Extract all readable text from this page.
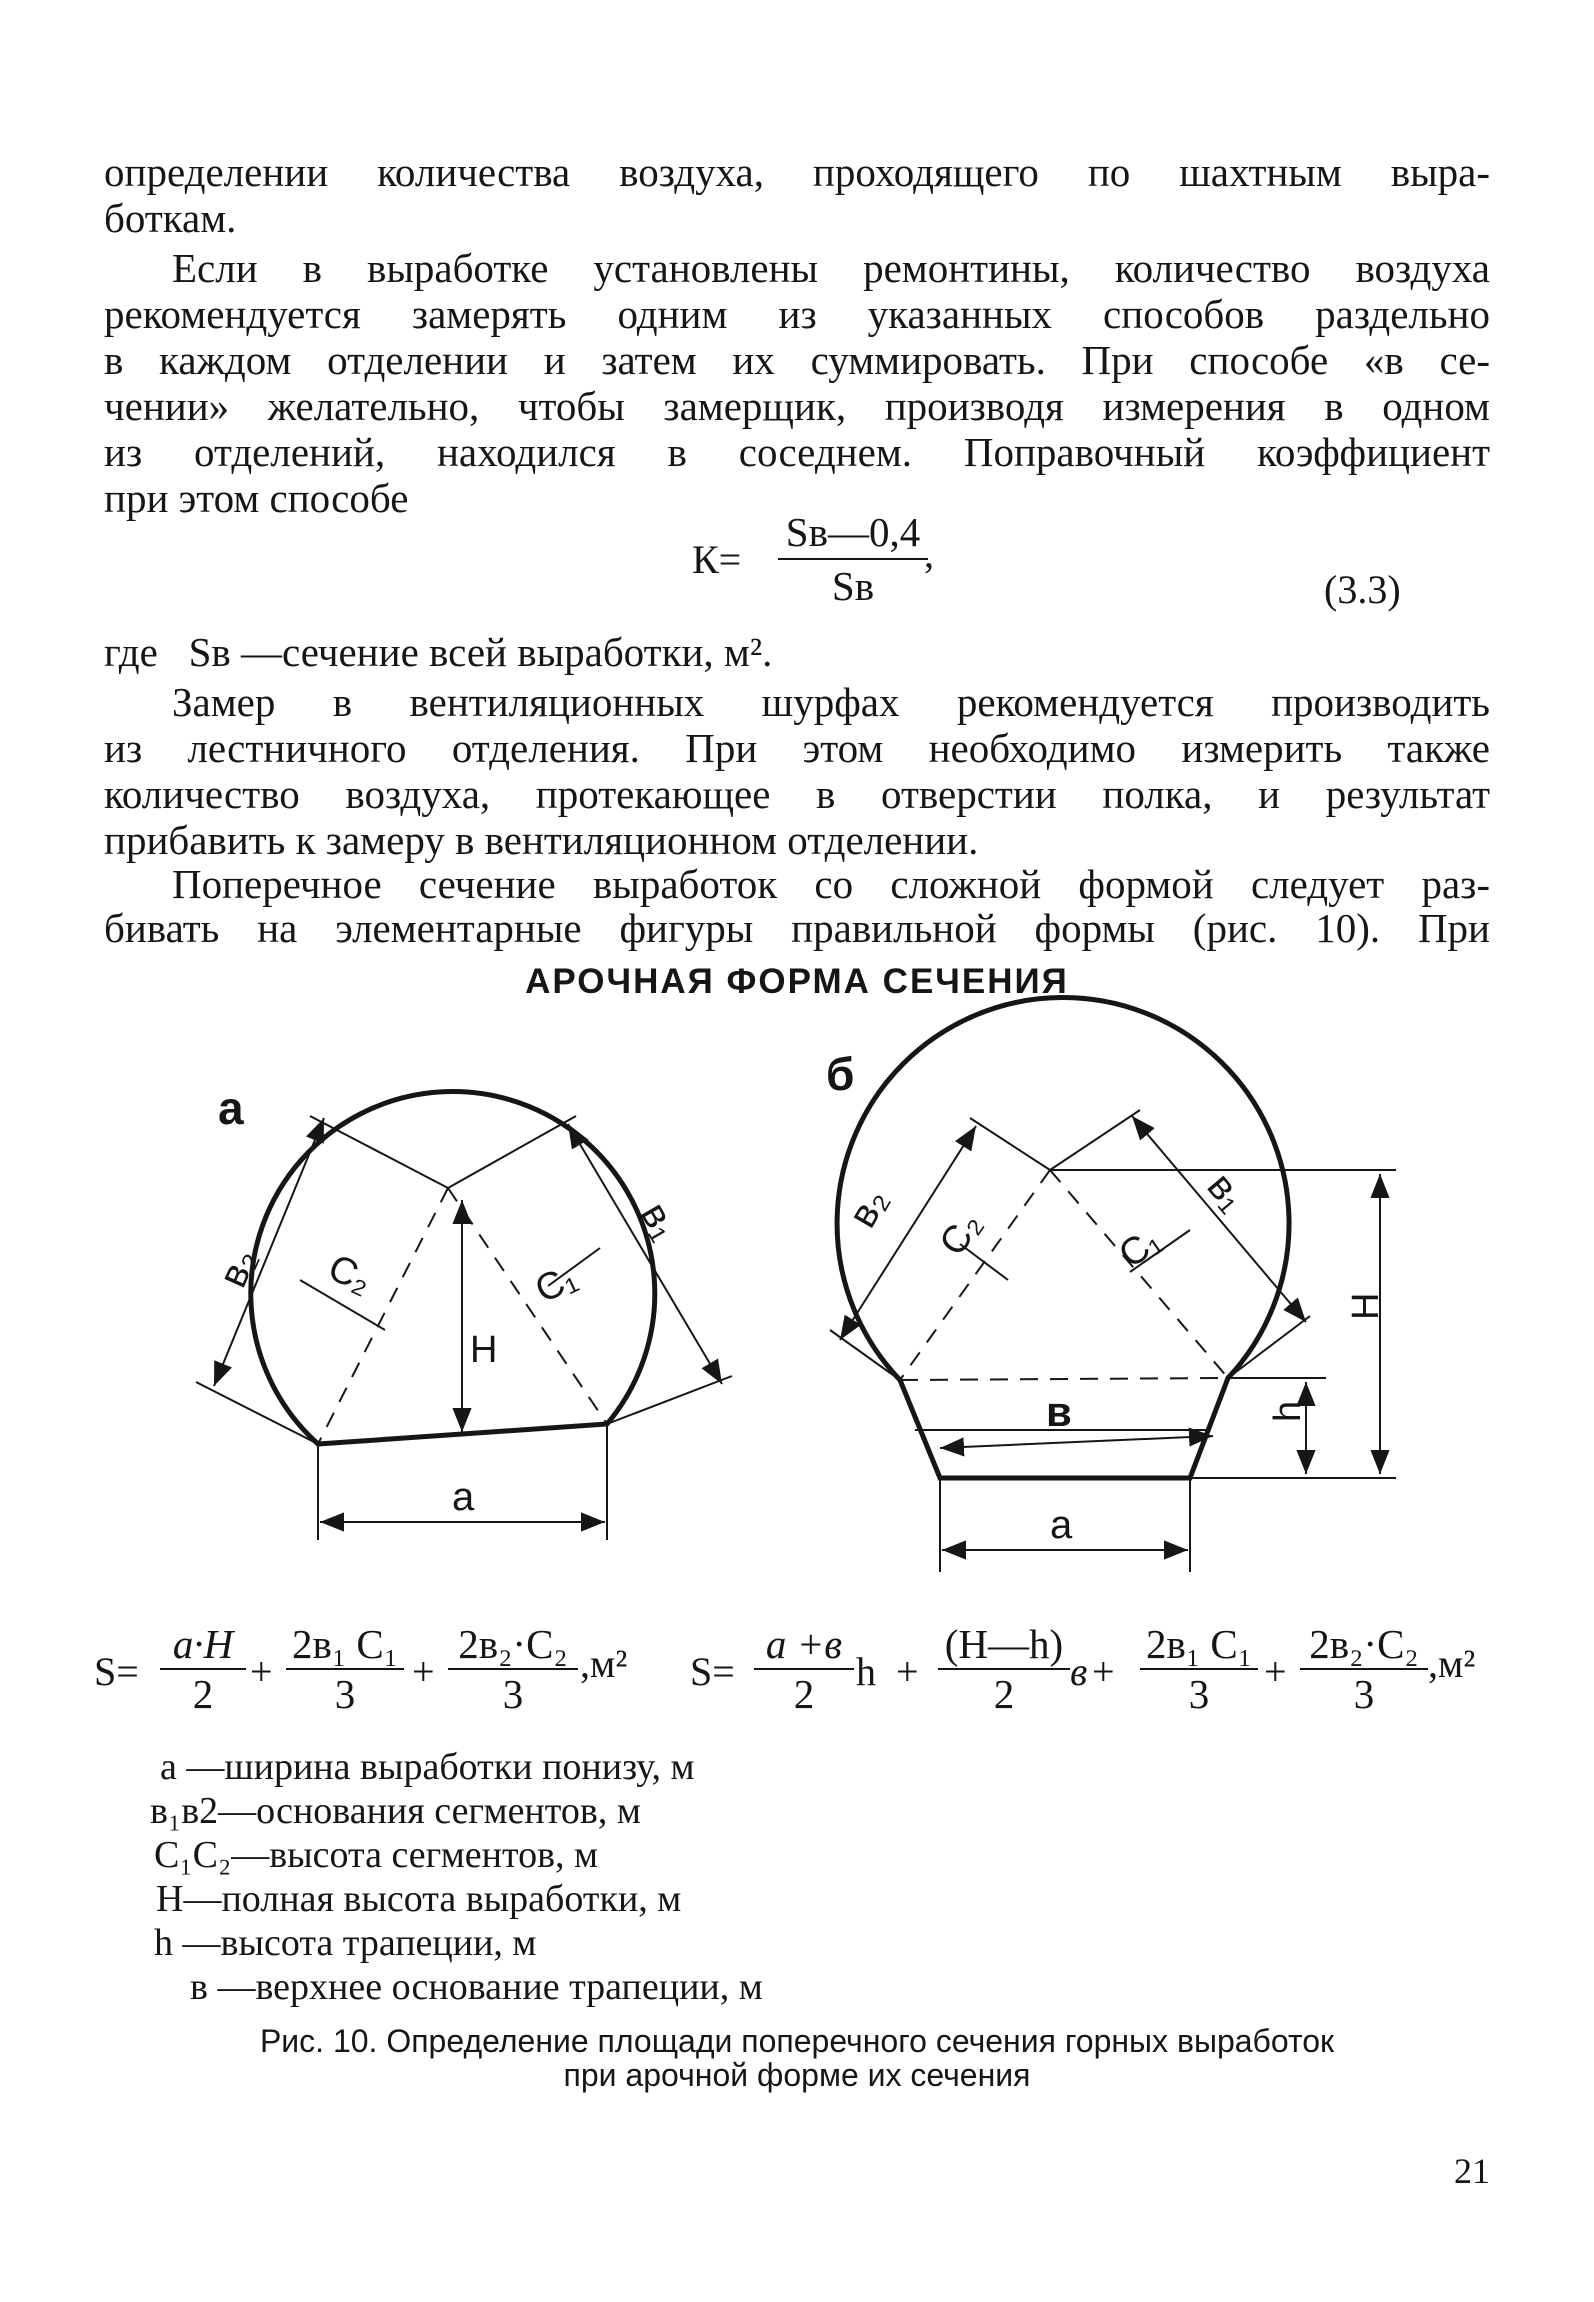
определении количества воздуха, проходящего по шахтным выра-

боткам.

Если в выработке установлены ремонтины, количество воздуха

рекомендуется замерять одним из указанных способов раздельно

в каждом отделении и затем их суммировать. При способе «в се-

чении» желательно, чтобы замерщик, производя измерения в одном

из отделений, находился в соседнем. Поправочный коэффициент

при этом способе

К=
Sв—0,4
Sв
,
(3.3)

где   Sв —сечение всей выработки, м².

Замер в вентиляционных шурфах рекомендуется производить

из лестничного отделения. При этом необходимо измерить также

количество воздуха, протекающее в отверстии полка, и результат

прибавить к замеру в вентиляционном отделении.

Поперечное сечение выработок со сложной формой следует раз-

бивать на элементарные фигуры правильной формы (рис. 10). При

АРОЧНАЯ ФОРМА СЕЧЕНИЯ
а
б
в₂
в₁
С₂	С₁
Н
а
в₂	в₁
С₂	С₁
Н
h
в
а
S=
а·Н
2 +
2в₁ С₁
3	+
2в₂·С₂
3
,м² S=
а +в
2	h +
(Н—h)
2	в +
2в₁ С₁
3	+
2в₂·С₂
3
,м²
а —ширина выработки понизу, м
в₁в2—основания сегментов, м
С₁С₂—высота сегментов, м
Н—полная высота выработки, м
h —высота трапеции, м
в —верхнее основание трапеции, м
Рис. 10. Определение площади поперечного сечения горных выработок
при арочной форме их сечения
21
